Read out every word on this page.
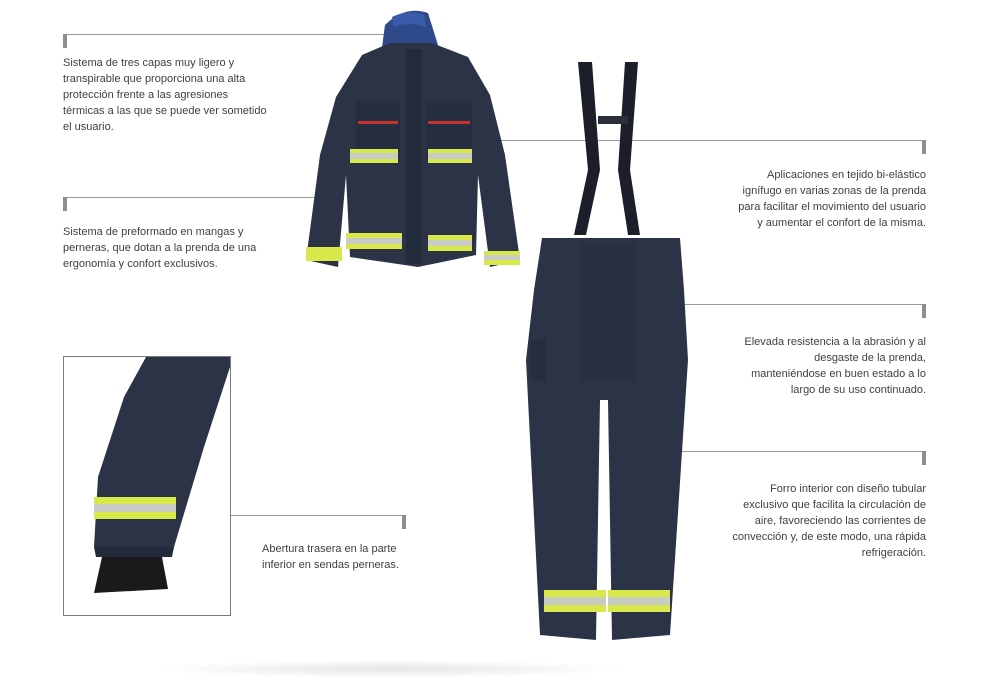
Sistema de tres capas muy ligero y transpirable que proporciona una alta protección frente a las agresiones térmicas a las que se puede ver sometido el usuario.
Sistema de preformado en mangas y perneras, que dotan a la prenda de una ergonomía y confort exclusivos.
Abertura trasera en la parte inferior en sendas perneras.
Aplicaciones en tejido bi-elástico ignífugo en varias zonas de la prenda para facilitar el movimiento del usuario y aumentar el confort de la misma.
Elevada resistencia a la abrasión y al desgaste de la prenda, manteniéndose en buen estado a lo largo de su uso continuado.
Forro interior con diseño tubular exclusivo que facilita la circulación de aire, favoreciendo las corrientes de convección y, de este modo, una rápida refrigeración.
